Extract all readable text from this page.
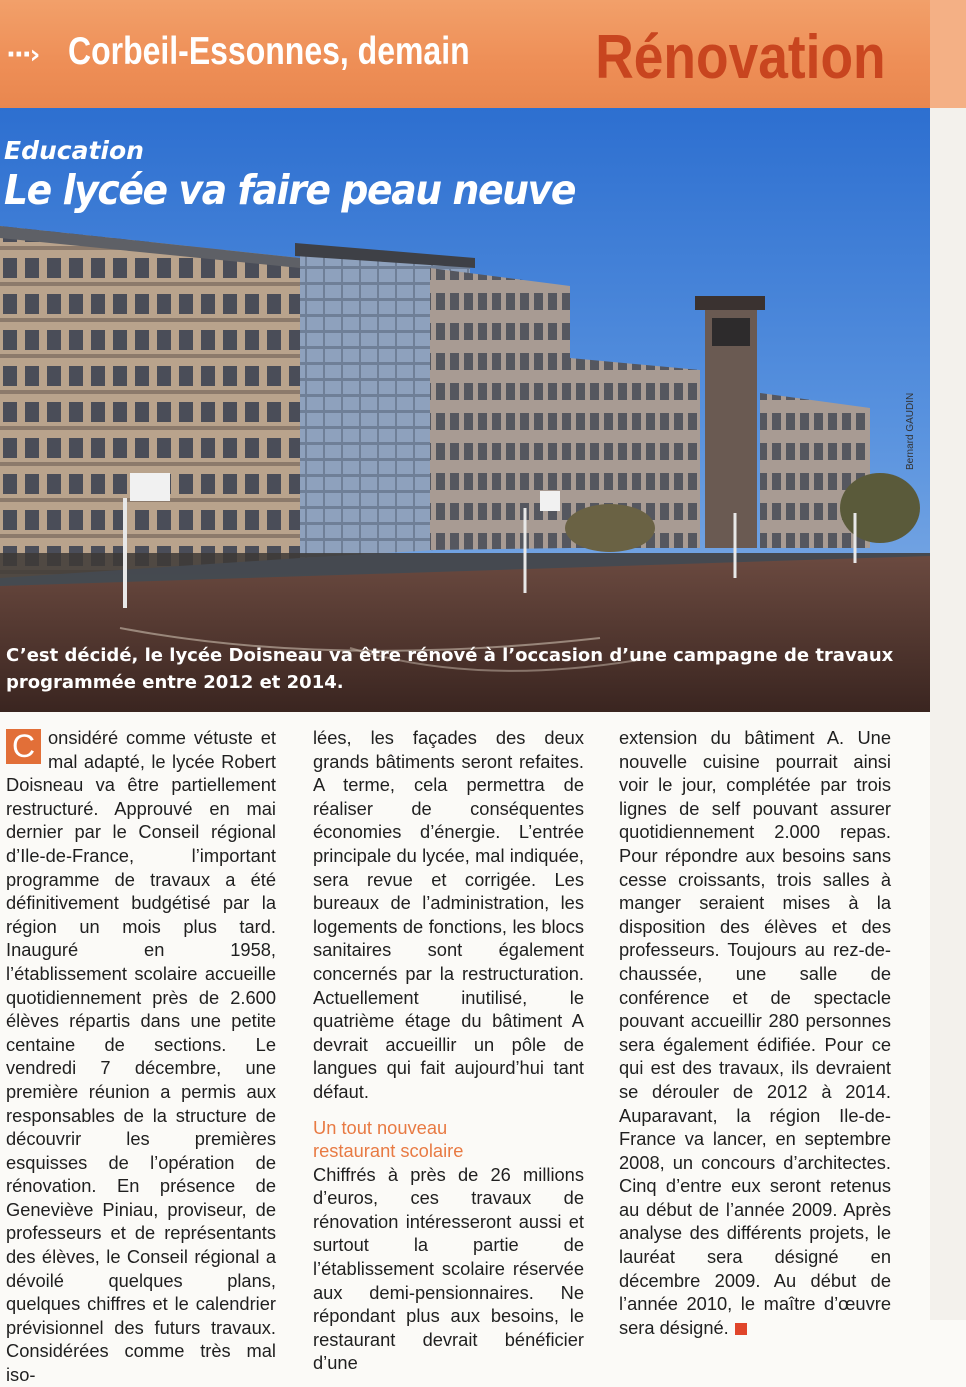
···› Corbeil-Essonnes, demain Rénovation
Education
Le lycée va faire peau neuve
Bernard GAUDIN
C’est décidé, le lycée Doisneau va être rénové à l’occasion d’une campagne de travaux programmée entre 2012 et 2014.
C onsidéré comme vétuste et mal adapté, le lycée Robert Doisneau va être partiellement restructuré. Approuvé en mai dernier par le Conseil régional d’Ile-de-France, l’important programme de travaux a été définitivement budgétisé par la région un mois plus tard. Inauguré en 1958, l’établissement scolaire accueille quotidiennement près de 2.600 élèves répartis dans une petite centaine de sections. Le vendredi 7 décembre, une première réunion a permis aux responsables de la structure de découvrir les premières esquisses de l’opération de rénovation. En présence de Geneviève Piniau, proviseur, de professeurs et de représentants des élèves, le Conseil régional a dévoilé quelques plans, quelques chiffres et le calendrier prévisionnel des futurs travaux. Considérées comme très mal iso-

lées, les façades des deux grands bâtiments seront refaites. A terme, cela permettra de réaliser de conséquentes économies d’énergie. L’entrée principale du lycée, mal indiquée, sera revue et corrigée. Les bureaux de l’administration, les logements de fonctions, les blocs sanitaires sont également concernés par la restructuration. Actuellement inutilisé, le quatrième étage du bâtiment A devrait accueillir un pôle de langues qui fait aujourd’hui tant défaut.

Un tout nouveau
restaurant scolaire

Chiffrés à près de 26 millions d’euros, ces travaux de rénovation intéresseront aussi et surtout la partie de l’établissement scolaire réservée aux demi-pensionnaires. Ne répondant plus aux besoins, le restaurant devrait bénéficier d’une

extension du bâtiment A. Une nouvelle cuisine pourrait ainsi voir le jour, complétée par trois lignes de self pouvant assurer quotidiennement 2.000 repas. Pour répondre aux besoins sans cesse croissants, trois salles à manger seraient mises à la disposition des élèves et des professeurs. Toujours au rez-de-chaussée, une salle de conférence et de spectacle pouvant accueillir 280 personnes sera également édifiée. Pour ce qui est des travaux, ils devraient se dérouler de 2012 à 2014. Auparavant, la région Ile-de-France va lancer, en septembre 2008, un concours d’architectes. Cinq d’entre eux seront retenus au début de l’année 2009. Après analyse des différents projets, le lauréat sera désigné en décembre 2009. Au début de l’année 2010, le maître d’œuvre sera désigné.
